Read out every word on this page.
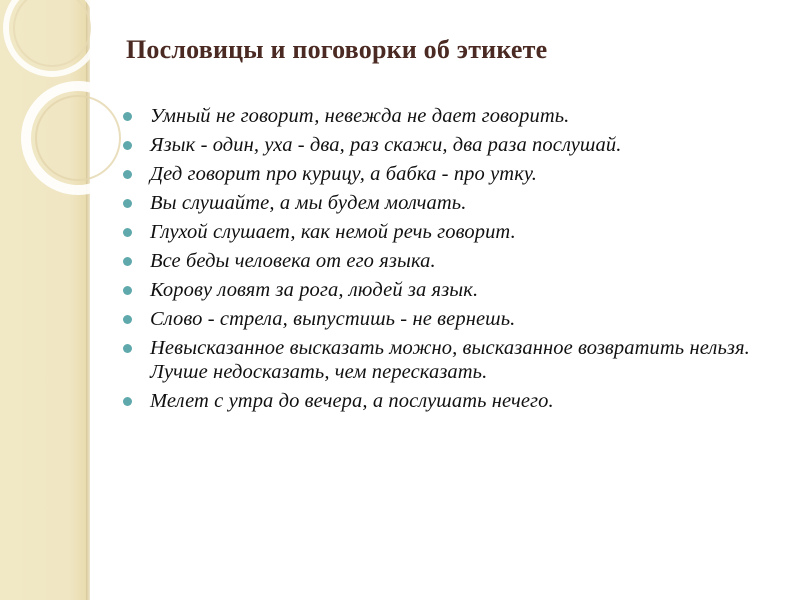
Пословицы и поговорки об этикете
Умный не говорит, невежда не дает говорить.
Язык - один, уха - два, раз скажи, два раза послушай.
Дед говорит про курицу, а бабка - про утку.
Вы слушайте, а мы будем молчать.
Глухой слушает, как немой речь говорит.
Все беды человека от его языка.
Корову ловят за рога, людей за язык.
Слово - стрела, выпустишь - не вернешь.
Невысказанное высказать можно, высказанное возвратить нельзя. Лучше недосказать, чем пересказать.
Мелет с утра до вечера, а послушать нечего.
